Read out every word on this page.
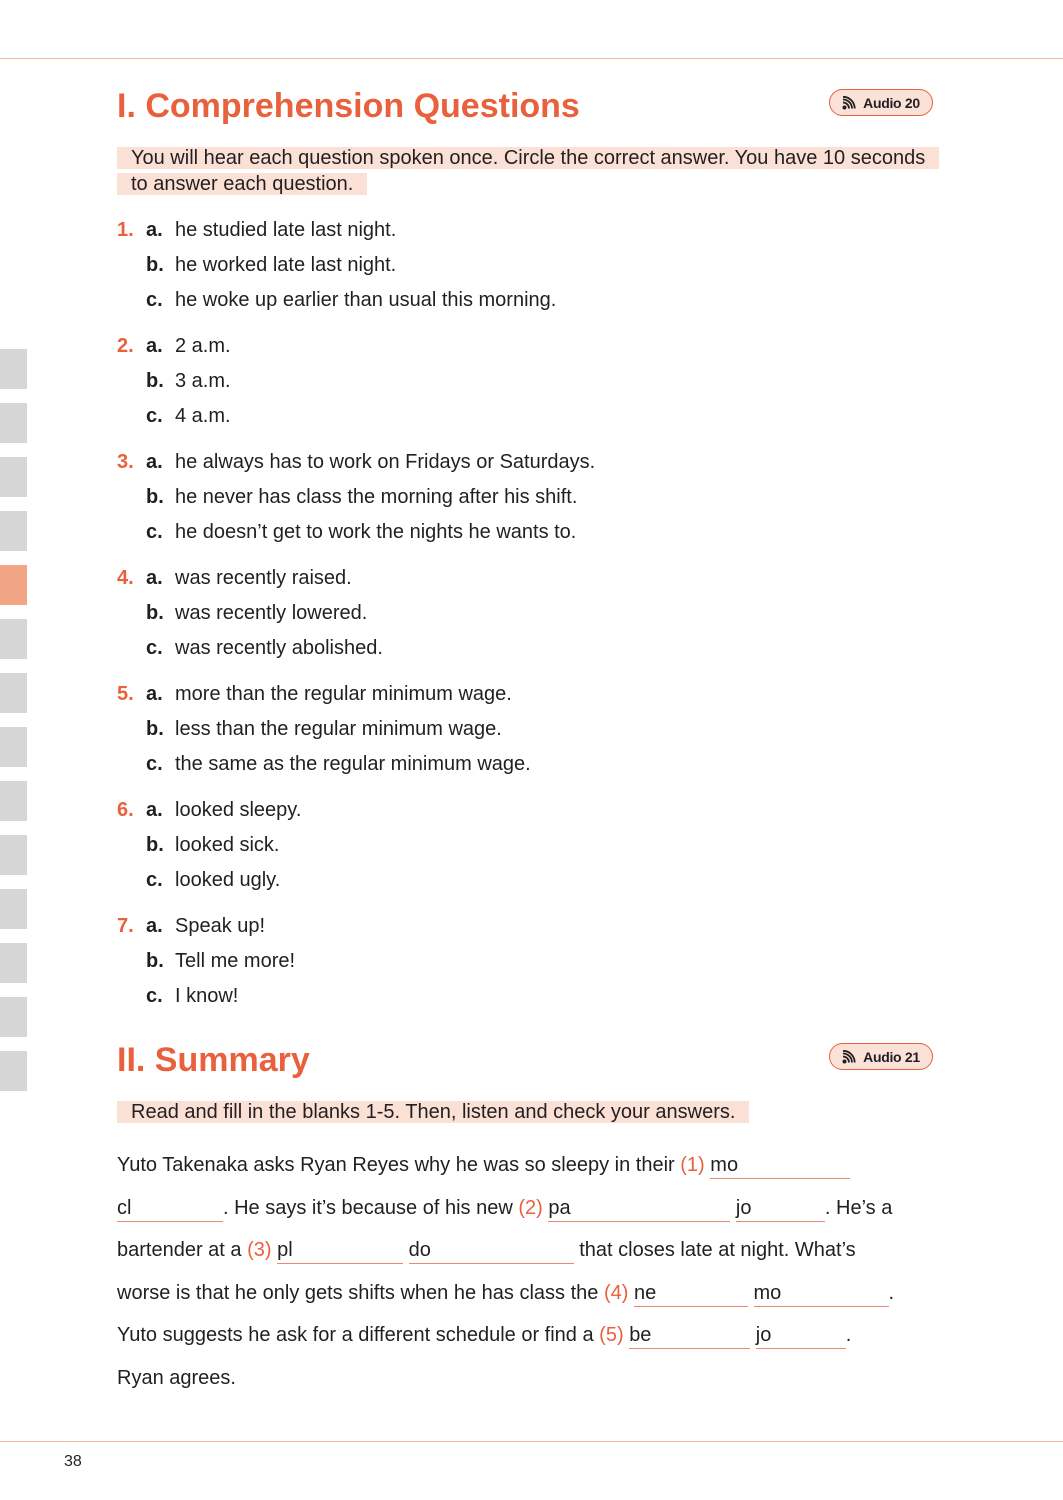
I. Comprehension Questions	Audio 20
You will hear each question spoken once. Circle the correct answer. You have 10 seconds to answer each question.
1. a. he studied late last night.
b. he worked late last night.
c. he woke up earlier than usual this morning.
2. a. 2 a.m.
b. 3 a.m.
c. 4 a.m.
3. a. he always has to work on Fridays or Saturdays.
b. he never has class the morning after his shift.
c. he doesn’t get to work the nights he wants to.
4. a. was recently raised.
b. was recently lowered.
c. was recently abolished.
5. a. more than the regular minimum wage.
b. less than the regular minimum wage.
c. the same as the regular minimum wage.
6. a. looked sleepy.
b. looked sick.
c. looked ugly.
7. a. Speak up!
b. Tell me more!
c. I know!
II. Summary	Audio 21
Read and fill in the blanks 1-5. Then, listen and check your answers.
Yuto Takenaka asks Ryan Reyes why he was so sleepy in their (1) mo
cl	. He says it’s because of his new (2) pa	jo	. He’s a
bartender at a (3) pl	do	that closes late at night. What’s
worse is that he only gets shifts when he has class the (4) ne	mo	.
Yuto suggests he ask for a different schedule or find a (5) be	jo	.
Ryan agrees.
38
